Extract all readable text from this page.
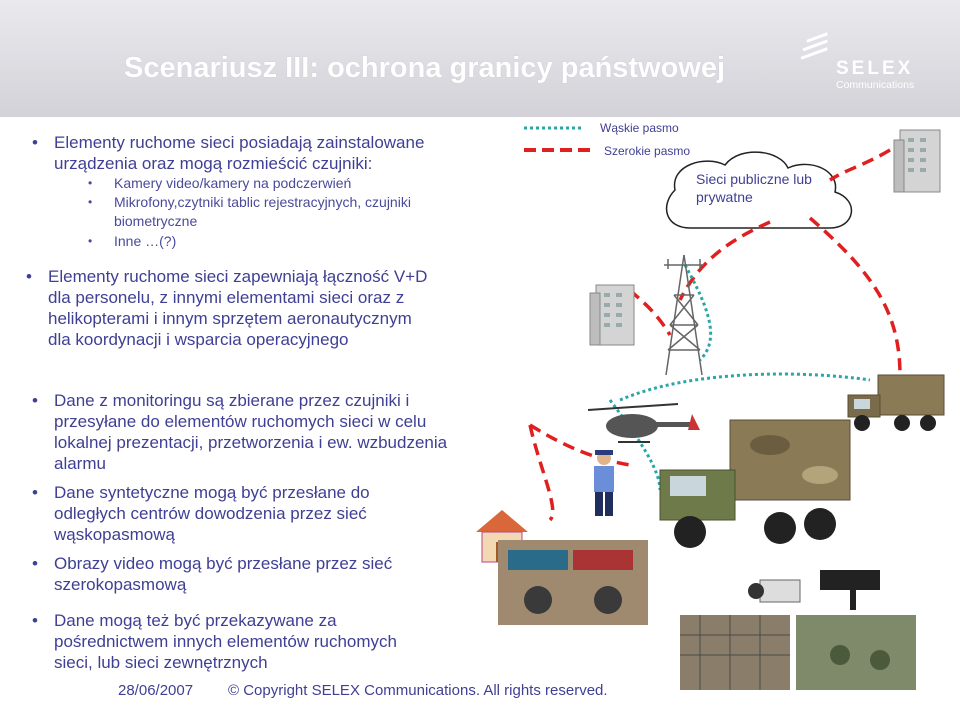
Scenariusz III: ochrona granicy państwowej	SELEX
Communications
• Elementy ruchome sieci posiadają zainstalowane urządzenia oraz mogą rozmieścić czujniki:
• Kamery video/kamery na podczerwień
• Mikrofony,czytniki tablic rejestracyjnych, czujniki biometryczne
• Inne …(?)
• Elementy ruchome sieci zapewniają łączność V+D dla personelu, z innymi elementami sieci oraz z helikopterami i innym sprzętem aeronautycznym dla koordynacji i wsparcia operacyjnego
• Dane z monitoringu są zbierane przez czujniki i przesyłane do elementów ruchomych sieci w celu lokalnej prezentacji, przetworzenia i ew. wzbudzenia alarmu
• Dane syntetyczne mogą być przesłane do odległych centrów dowodzenia przez sieć wąskopasmową
• Obrazy video mogą być przesłane przez sieć szerokopasmową
• Dane mogą też być przekazywane za pośrednictwem innych elementów ruchomych sieci, lub sieci zewnętrznych
Wąskie pasmo
Szerokie pasmo
Sieci publiczne lub prywatne
28/06/2007 © Copyright SELEX Communications. All rights reserved.
